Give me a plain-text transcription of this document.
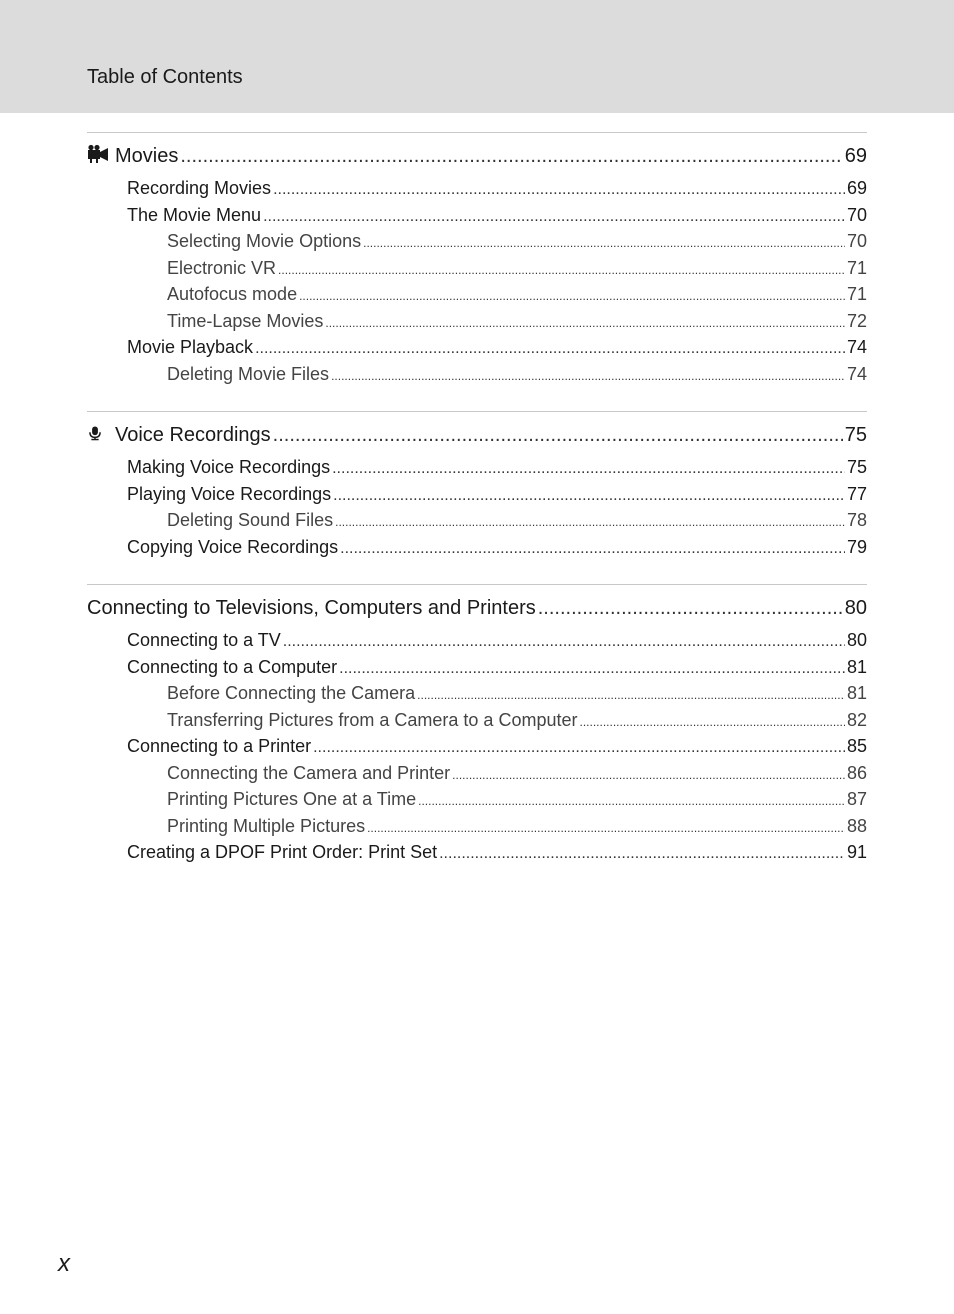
Table of Contents
Movies .....	69
Recording Movies .....	69
The Movie Menu .....	70
Selecting Movie Options .....	70
Electronic VR .....	71
Autofocus mode .....	71
Time-Lapse Movies .....	72
Movie Playback .....	74
Deleting Movie Files .....	74
Voice Recordings .....	75
Making Voice Recordings .....	75
Playing Voice Recordings .....	77
Deleting Sound Files .....	78
Copying Voice Recordings .....	79
Connecting to Televisions, Computers and Printers .....	80
Connecting to a TV .....	80
Connecting to a Computer .....	81
Before Connecting the Camera .....	81
Transferring Pictures from a Camera to a Computer .....	82
Connecting to a Printer .....	85
Connecting the Camera and Printer .....	86
Printing Pictures One at a Time .....	87
Printing Multiple Pictures .....	88
Creating a DPOF Print Order: Print Set .....	91
x
